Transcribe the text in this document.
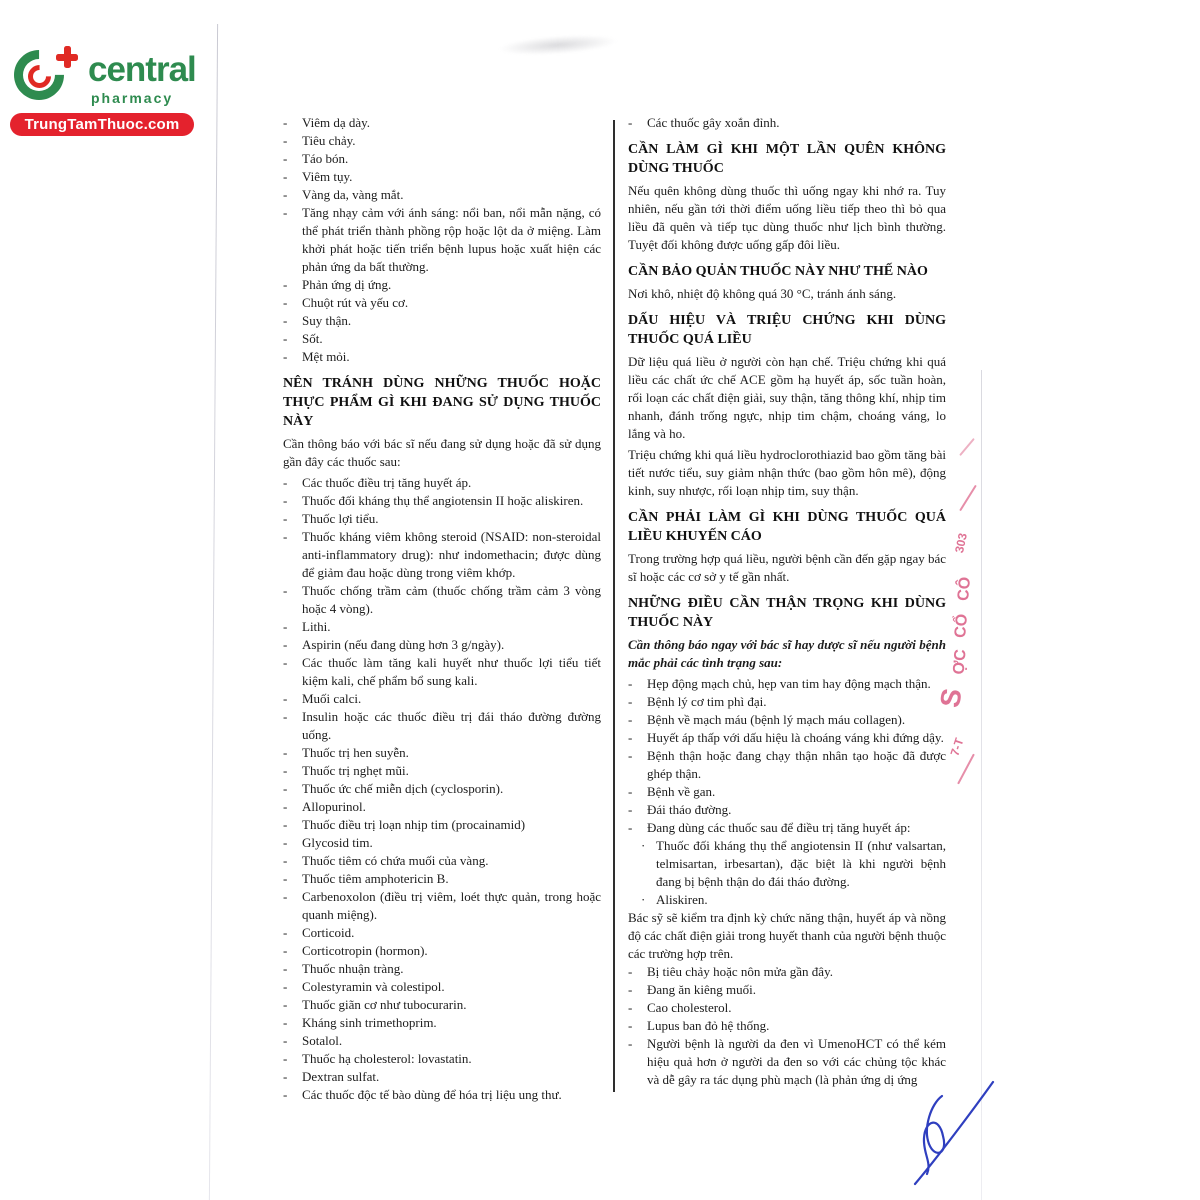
central
pharmacy
TrungTamThuoc.com	-	Viêm dạ dày.
-	Tiêu chảy.
-	Táo bón.
-	Viêm tụy.
-	Vàng da, vàng mắt.
-	Tăng nhạy cảm với ánh sáng: nổi ban, nổi mẫn nặng, có thể phát triển thành phồng rộp hoặc lột da ở miệng. Làm khởi phát hoặc tiến triển bệnh lupus hoặc xuất hiện các phản ứng da bất thường.
-	Phản ứng dị ứng.
-	Chuột rút và yếu cơ.
-	Suy thận.
-	Sốt.
-	Mệt mỏi.
NÊN TRÁNH DÙNG NHỮNG THUỐC HOẶC THỰC PHẨM GÌ KHI ĐANG SỬ DỤNG THUỐC NÀY

Cần thông báo với bác sĩ nếu đang sử dụng hoặc đã sử dụng gần đây các thuốc sau:

-	Các thuốc điều trị tăng huyết áp.
-	Thuốc đối kháng thụ thể angiotensin II hoặc aliskiren.
-	Thuốc lợi tiểu.
-	Thuốc kháng viêm không steroid (NSAID: non-steroidal anti-inflammatory drug): như indomethacin; được dùng để giảm đau hoặc dùng trong viêm khớp.
-	Thuốc chống trầm cảm (thuốc chống trầm cảm 3 vòng hoặc 4 vòng).
-	Lithi.
-	Aspirin (nếu đang dùng hơn 3 g/ngày).
-	Các thuốc làm tăng kali huyết như thuốc lợi tiểu tiết kiệm kali, chế phẩm bổ sung kali.
-	Muối calci.
-	Insulin hoặc các thuốc điều trị đái tháo đường đường uống.
-	Thuốc trị hen suyễn.
-	Thuốc trị nghẹt mũi.
-	Thuốc ức chế miễn dịch (cyclosporin).
-	Allopurinol.
-	Thuốc điều trị loạn nhịp tim (procainamid)
-	Glycosid tim.
-	Thuốc tiêm có chứa muối của vàng.
-	Thuốc tiêm amphotericin B.
-	Carbenoxolon (điều trị viêm, loét thực quản, trong hoặc quanh miệng).
-	Corticoid.
-	Corticotropin (hormon).
-	Thuốc nhuận tràng.
-	Colestyramin và colestipol.
-	Thuốc giãn cơ như tubocurarin.
-	Kháng sinh trimethoprim.
-	Sotalol.
-	Thuốc hạ cholesterol: lovastatin.
-	Dextran sulfat.
-	Các thuốc độc tế bào dùng để hóa trị liệu ung thư.
-	Các thuốc gây xoắn đỉnh.
CẦN LÀM GÌ KHI MỘT LẦN QUÊN KHÔNG DÙNG THUỐC

Nếu quên không dùng thuốc thì uống ngay khi nhớ ra. Tuy nhiên, nếu gần tới thời điểm uống liều tiếp theo thì bỏ qua liều đã quên và tiếp tục dùng thuốc như lịch bình thường. Tuyệt đối không được uống gấp đôi liều.

CẦN BẢO QUẢN THUỐC NÀY NHƯ THẾ NÀO

Nơi khô, nhiệt độ không quá 30 °C, tránh ánh sáng.

DẤU HIỆU VÀ TRIỆU CHỨNG KHI DÙNG THUỐC QUÁ LIỀU

Dữ liệu quá liều ở người còn hạn chế. Triệu chứng khi quá liều các chất ức chế ACE gồm hạ huyết áp, sốc tuần hoàn, rối loạn các chất điện giải, suy thận, tăng thông khí, nhịp tim nhanh, đánh trống ngực, nhịp tim chậm, choáng váng, lo lắng và ho.

Triệu chứng khi quá liều hydroclorothiazid bao gồm tăng bài tiết nước tiểu, suy giảm nhận thức (bao gồm hôn mê), động kinh, suy nhược, rối loạn nhịp tim, suy thận.

CẦN PHẢI LÀM GÌ KHI DÙNG THUỐC QUÁ LIỀU KHUYẾN CÁO

Trong trường hợp quá liều, người bệnh cần đến gặp ngay bác sĩ hoặc các cơ sở y tế gần nhất.

NHỮNG ĐIỀU CẦN THẬN TRỌNG KHI DÙNG THUỐC NÀY

Cần thông báo ngay với bác sĩ hay dược sĩ nếu người bệnh mắc phải các tình trạng sau:

-	Hẹp động mạch chủ, hẹp van tim hay động mạch thận.
-	Bệnh lý cơ tim phì đại.
-	Bệnh về mạch máu (bệnh lý mạch máu collagen).
-	Huyết áp thấp với dấu hiệu là choáng váng khi đứng dậy.
-	Bệnh thận hoặc đang chạy thận nhân tạo hoặc đã được ghép thận.
-	Bệnh về gan.
-	Đái tháo đường.
-	Đang dùng các thuốc sau để điều trị tăng huyết áp:
· Thuốc đối kháng thụ thể angiotensin II (như valsartan, telmisartan, irbesartan), đặc biệt là khi người bệnh đang bị bệnh thận do đái tháo đường.
· Aliskiren.
Bác sỹ sẽ kiểm tra định kỳ chức năng thận, huyết áp và nồng độ các chất điện giải trong huyết thanh của người bệnh thuộc các trường hợp trên.
-	Bị tiêu chảy hoặc nôn mửa gần đây.
-	Đang ăn kiêng muối.
-	Cao cholesterol.
-	Lupus ban đỏ hệ thống.
-	Người bệnh là người da đen vì UmenoHCT có thể kém hiệu quả hơn ở người da đen so với các chủng tộc khác và dễ gây ra tác dụng phù mạch (là phản ứng dị ứng
303
CÔ
CỔ
ỢC
S
7-T
